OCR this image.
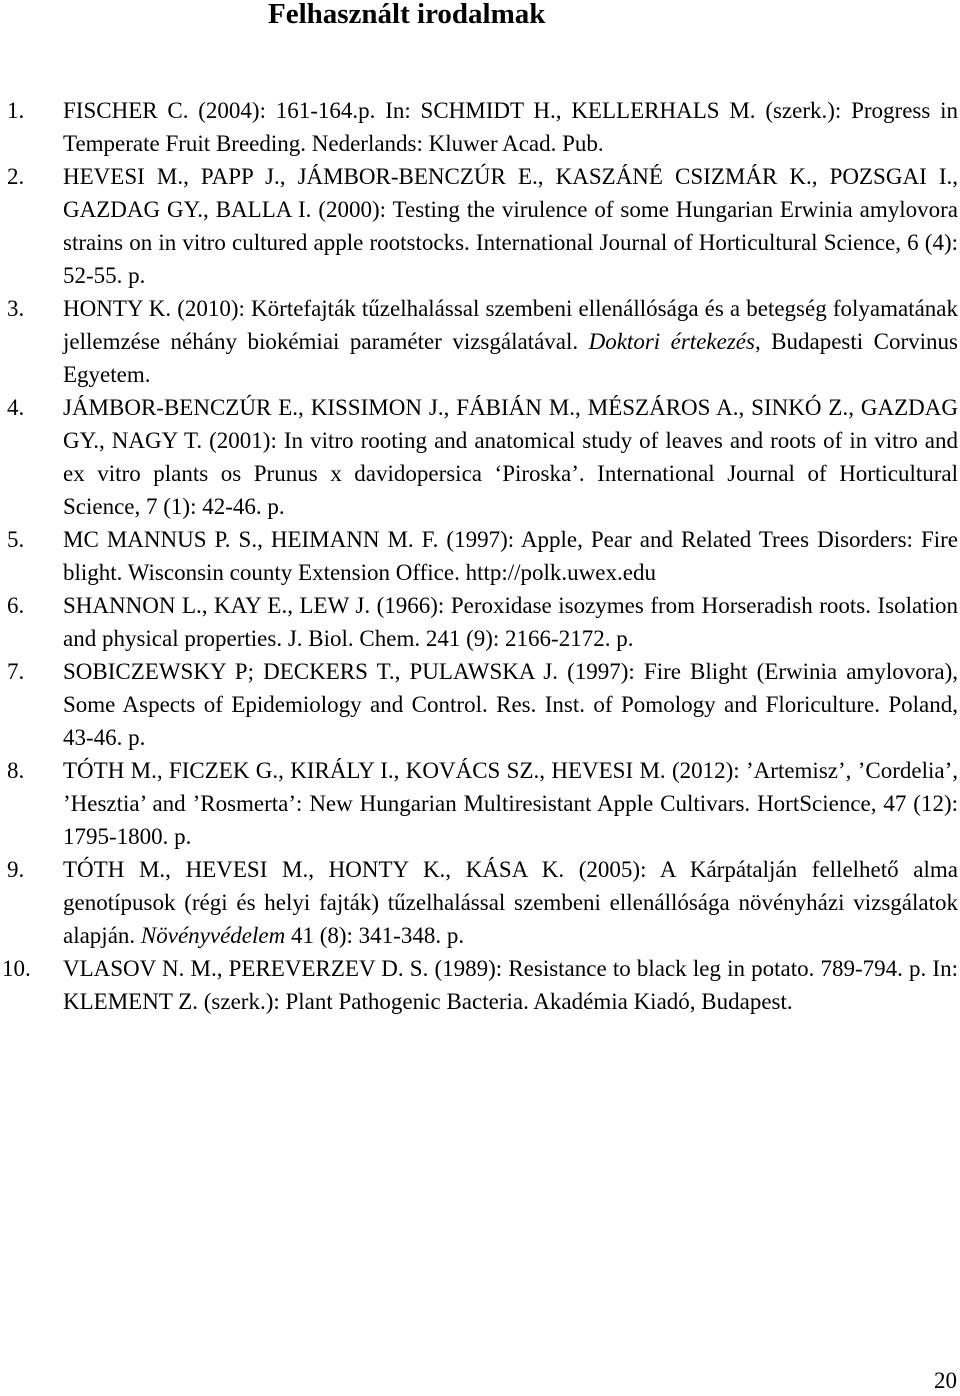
Felhasznált irodalmak
1. FISCHER C. (2004): 161-164.p. In: SCHMIDT H., KELLERHALS M. (szerk.): Progress in Temperate Fruit Breeding. Nederlands: Kluwer Acad. Pub.
2. HEVESI M., PAPP J., JÁMBOR-BENCZÚR E., KASZÁNÉ CSIZMÁR K., POZSGAI I., GAZDAG GY., BALLA I. (2000): Testing the virulence of some Hungarian Erwinia amylovora strains on in vitro cultured apple rootstocks. International Journal of Horticultural Science, 6 (4): 52-55. p.
3. HONTY K. (2010): Körtefajták tűzelhalással szembeni ellenállósága és a betegség folyamatának jellemzése néhány biokémiai paraméter vizsgálatával. Doktori értekezés, Budapesti Corvinus Egyetem.
4. JÁMBOR-BENCZÚR E., KISSIMON J., FÁBIÁN M., MÉSZÁROS A., SINKÓ Z., GAZDAG GY., NAGY T. (2001): In vitro rooting and anatomical study of leaves and roots of in vitro and ex vitro plants os Prunus x davidopersica ‘Piroska’. International Journal of Horticultural Science, 7 (1): 42-46. p.
5. MC MANNUS P. S., HEIMANN M. F. (1997): Apple, Pear and Related Trees Disorders: Fire blight. Wisconsin county Extension Office. http://polk.uwex.edu
6. SHANNON L., KAY E., LEW J. (1966): Peroxidase isozymes from Horseradish roots. Isolation and physical properties. J. Biol. Chem. 241 (9): 2166-2172. p.
7. SOBICZEWSKY P; DECKERS T., PULAWSKA J. (1997): Fire Blight (Erwinia amylovora), Some Aspects of Epidemiology and Control. Res. Inst. of Pomology and Floriculture. Poland, 43-46. p.
8. TÓTH M., FICZEK G., KIRÁLY I., KOVÁCS SZ., HEVESI M. (2012): ’Artemisz’, ’Cordelia’, ’Hesztia’ and ’Rosmerta’: New Hungarian Multiresistant Apple Cultivars. HortScience, 47 (12): 1795-1800. p.
9. TÓTH M., HEVESI M., HONTY K., KÁSA K. (2005): A Kárpátalján fellelhető alma genotípusok (régi és helyi fajták) tűzelhalással szembeni ellenállósága növényházi vizsgálatok alapján. Növényvédelem 41 (8): 341-348. p.
10. VLASOV N. M., PEREVERZEV D. S. (1989): Resistance to black leg in potato. 789-794. p. In: KLEMENT Z. (szerk.): Plant Pathogenic Bacteria. Akadémia Kiadó, Budapest.
20
